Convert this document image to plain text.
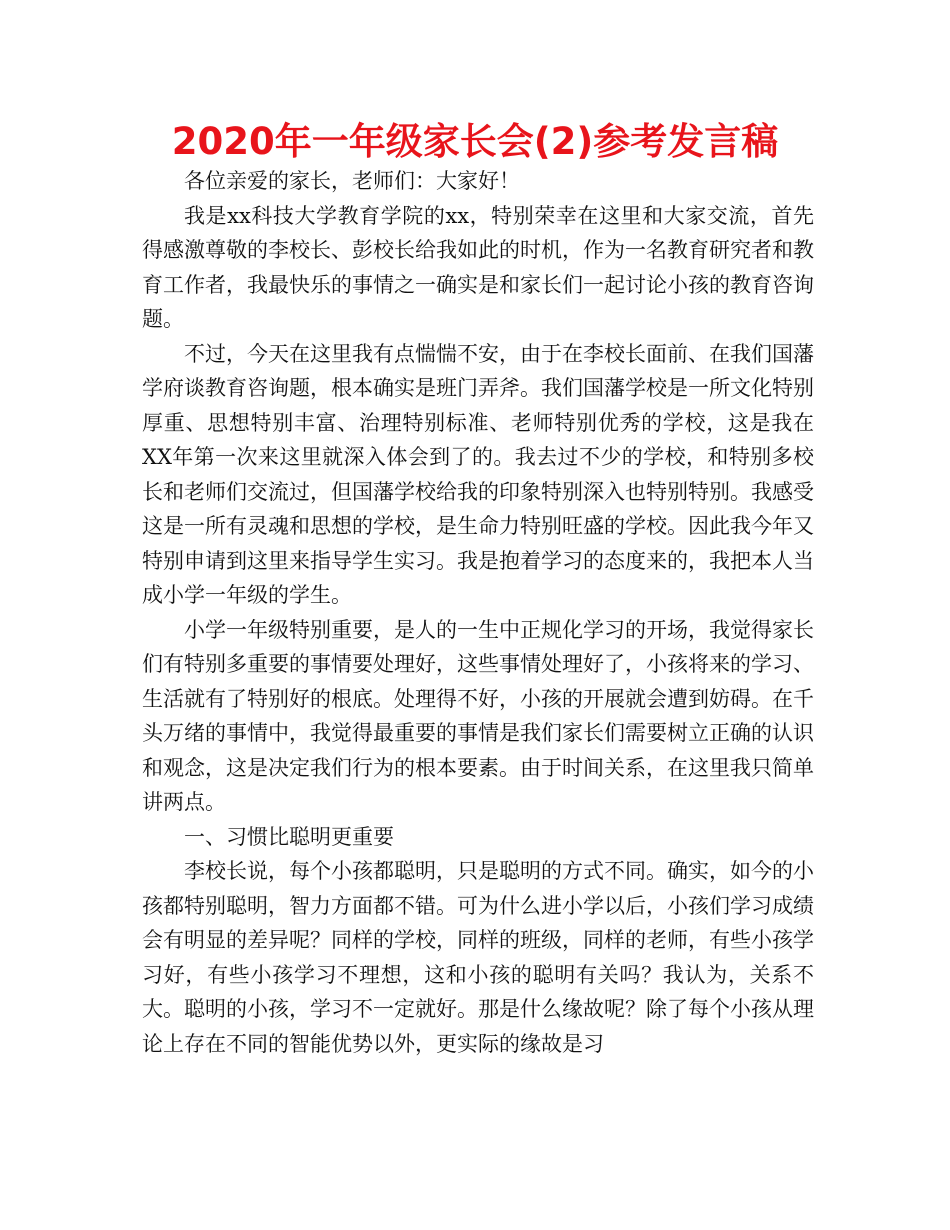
2020年一年级家长会(2)参考发言稿

各位亲爱的家长，老师们：大家好！

我是xx科技大学教育学院的xx，特别荣幸在这里和大家交流，首先得感激尊敬的李校长、彭校长给我如此的时机，作为一名教育研究者和教育工作者，我最快乐的事情之一确实是和家长们一起讨论小孩的教育咨询题。

不过，今天在这里我有点惴惴不安，由于在李校长面前、在我们国藩学府谈教育咨询题，根本确实是班门弄斧。我们国藩学校是一所文化特别厚重、思想特别丰富、治理特别标准、老师特别优秀的学校，这是我在XX年第一次来这里就深入体会到了的。我去过不少的学校，和特别多校长和老师们交流过，但国藩学校给我的印象特别深入也特别特别。我感受这是一所有灵魂和思想的学校，是生命力特别旺盛的学校。因此我今年又特别申请到这里来指导学生实习。我是抱着学习的态度来的，我把本人当成小学一年级的学生。

小学一年级特别重要，是人的一生中正规化学习的开场，我觉得家长们有特别多重要的事情要处理好，这些事情处理好了，小孩将来的学习、生活就有了特别好的根底。处理得不好，小孩的开展就会遭到妨碍。在千头万绪的事情中，我觉得最重要的事情是我们家长们需要树立正确的认识和观念，这是决定我们行为的根本要素。由于时间关系，在这里我只简单讲两点。

一、习惯比聪明更重要

李校长说，每个小孩都聪明，只是聪明的方式不同。确实，如今的小孩都特别聪明，智力方面都不错。可为什么进小学以后，小孩们学习成绩会有明显的差异呢？同样的学校，同样的班级，同样的老师，有些小孩学习好，有些小孩学习不理想，这和小孩的聪明有关吗？我认为，关系不大。聪明的小孩，学习不一定就好。那是什么缘故呢？除了每个小孩从理论上存在不同的智能优势以外，更实际的缘故是习
